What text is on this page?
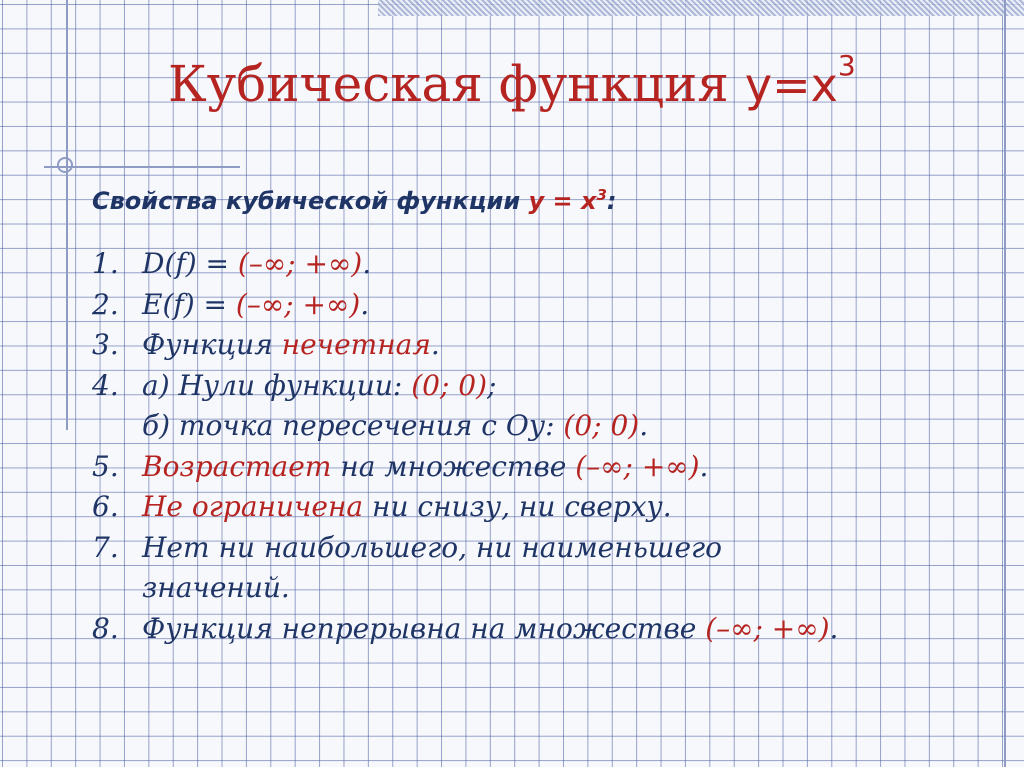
Кубическая функция $y=x^3$
Свойства кубической функции $y = x^3$:
1. D(f) = (–∞; +∞).
2. E(f) = (–∞; +∞).
3. Функция нечетная.
4. а) Нули функции: (0; 0);
б) точка пересечения с Оу: (0; 0).
5. Возрастает на множестве (–∞; +∞).
6. Не ограничена ни снизу, ни сверху.
7. Нет ни наибольшего, ни наименьшего
значений.
8. Функция непрерывна на множестве (–∞; +∞).
